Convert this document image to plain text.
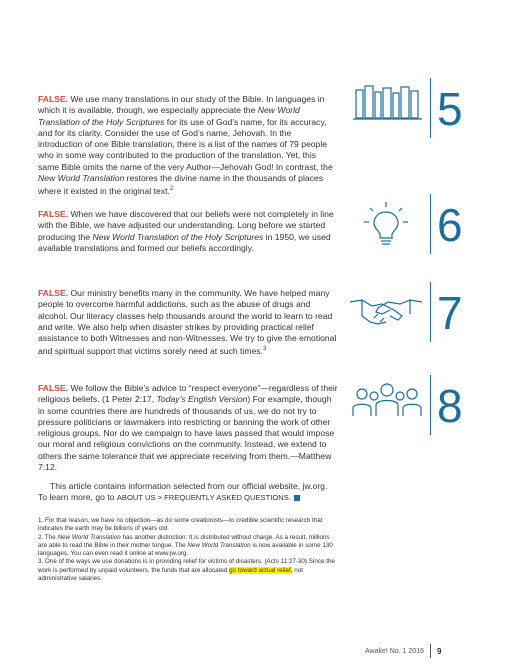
FALSE. We use many translations in our study of the Bible. In languages in which it is available, though, we especially appreciate the New World Translation of the Holy Scriptures for its use of God’s name, for its accuracy, and for its clarity. Consider the use of God’s name, Jehovah. In the introduction of one Bible translation, there is a list of the names of 79 people who in some way contributed to the production of the translation. Yet, this same Bible omits the name of the very Author—Jehovah God! In contrast, the New World Translation restores the divine name in the thousands of places where it existed in the original text.$^2$

5

FALSE. When we have discovered that our beliefs were not completely in line with the Bible, we have adjusted our understanding. Long before we started producing the New World Translation of the Holy Scriptures in 1950, we used available translations and formed our beliefs accordingly.	6

FALSE. Our ministry benefits many in the community. We have helped many people to overcome harmful addictions, such as the abuse of drugs and alcohol. Our literacy classes help thousands around the world to learn to read and write. We also help when disaster strikes by providing practical relief assistance to both Witnesses and non-Witnesses. We try to give the emotional and spiritual support that victims sorely need at such times.$^3$

7

FALSE. We follow the Bible’s advice to “respect everyone”—regardless of their religious beliefs. (1 Peter 2:17, Today’s English Version) For example, though in some countries there are hundreds of thousands of us, we do not try to pressure politicians or lawmakers into restricting or banning the work of other religious groups. Nor do we campaign to have laws passed that would impose our moral and religious convictions on the community. Instead, we extend to others the same tolerance that we appreciate receiving from them.—Matthew 7:12.

8

This article contains information selected from our official website, jw.org. To learn more, go to ABOUT US > FREQUENTLY ASKED QUESTIONS.

1. For that reason, we have no objection—as do some creationists—to credible scientific research that indicates the earth may be billions of years old.

2. The New World Translation has another distinction: It is distributed without charge. As a result, millions are able to read the Bible in their mother tongue. The New World Translation is now available in some 130 languages. You can even read it online at www.jw.org.

3. One of the ways we use donations is in providing relief for victims of disasters. (Acts 11:27-30) Since the work is performed by unpaid volunteers, the funds that are allocated go toward actual relief, not administrative salaries.

Awake! No. 1 2016 9
